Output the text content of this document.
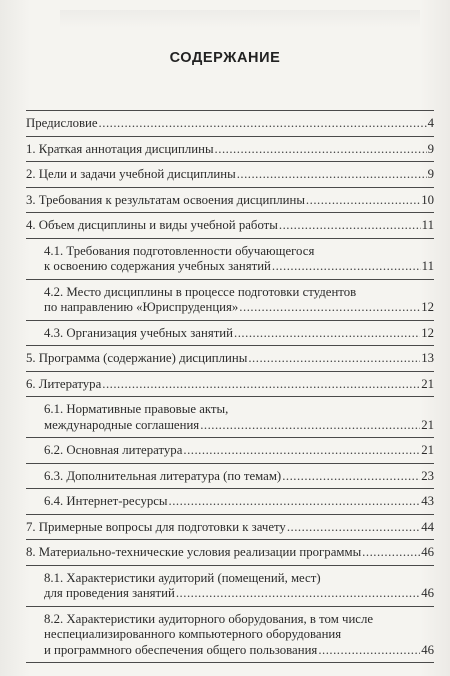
СОДЕРЖАНИЕ
Предисловие .....	4
1. Краткая аннотация дисциплины .....	9
2. Цели и задачи учебной дисциплины .....	9
3. Требования к результатам освоения дисциплины .....	10
4. Объем дисциплины и виды учебной работы .....	11
4.1. Требования подготовленности обучающегося
к освоению содержания учебных занятий .....	11
4.2. Место дисциплины в процессе подготовки студентов
по направлению «Юриспруденция» .....	12
4.3. Организация учебных занятий .....	12
5. Программа (содержание) дисциплины .....	13
6. Литература .....	21
6.1. Нормативные правовые акты,
международные соглашения .....	21
6.2. Основная литература .....	21
6.3. Дополнительная литература (по темам) .....	23
6.4. Интернет-ресурсы .....	43
7. Примерные вопросы для подготовки к зачету .....	44
8. Материально-технические условия реализации программы .....	46
8.1. Характеристики аудиторий (помещений, мест)
для проведения занятий .....	46
8.2. Характеристики аудиторного оборудования, в том числе
неспециализированного компьютерного оборудования
и программного обеспечения общего пользования .....	46
